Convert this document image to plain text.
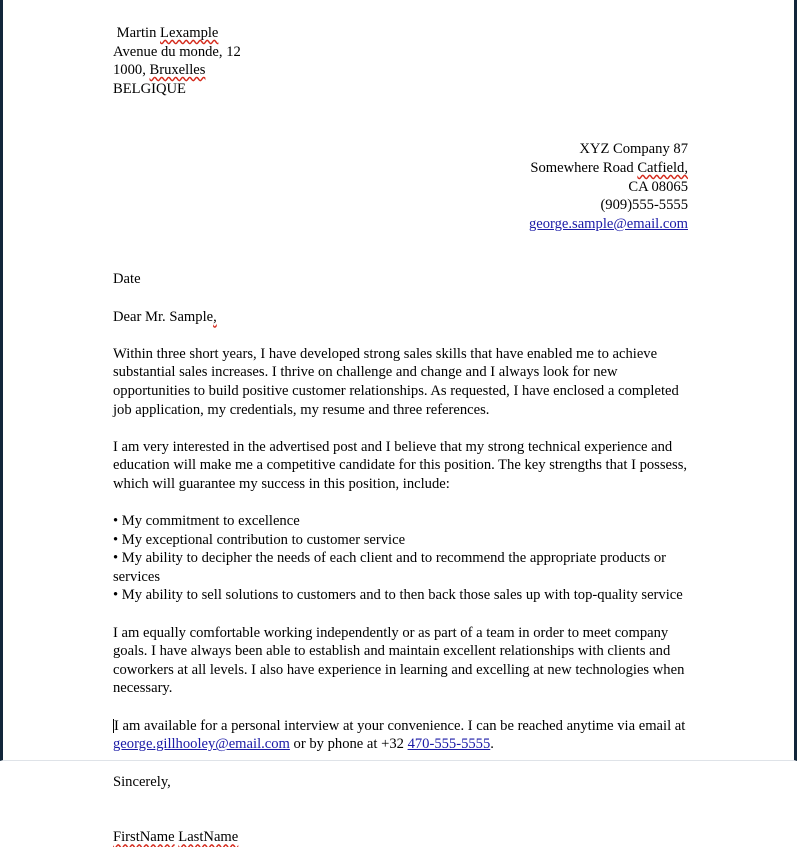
Martin Lexample
Avenue du monde, 12
1000, Bruxelles
BELGIQUE
XYZ Company 87
Somewhere Road Catfield,
CA 08065
(909)555-5555
george.sample@email.com
Date
Dear Mr. Sample,

Within three short years, I have developed strong sales skills that have enabled me to achieve substantial sales increases. I thrive on challenge and change and I always look for new opportunities to build positive customer relationships. As requested, I have enclosed a completed job application, my credentials, my resume and three references.

I am very interested in the advertised post and I believe that my strong technical experience and education will make me a competitive candidate for this position. The key strengths that I possess, which will guarantee my success in this position, include:

• My commitment to excellence
• My exceptional contribution to customer service
• My ability to decipher the needs of each client and to recommend the appropriate products or services
• My ability to sell solutions to customers and to then back those sales up with top-quality service

I am equally comfortable working independently or as part of a team in order to meet company goals. I have always been able to establish and maintain excellent relationships with clients and coworkers at all levels. I also have experience in learning and excelling at new technologies when necessary.

I am available for a personal interview at your convenience. I can be reached anytime via email at george.gillhooley@email.com or by phone at +32 470-555-5555.

Sincerely,
FirstName LastName
